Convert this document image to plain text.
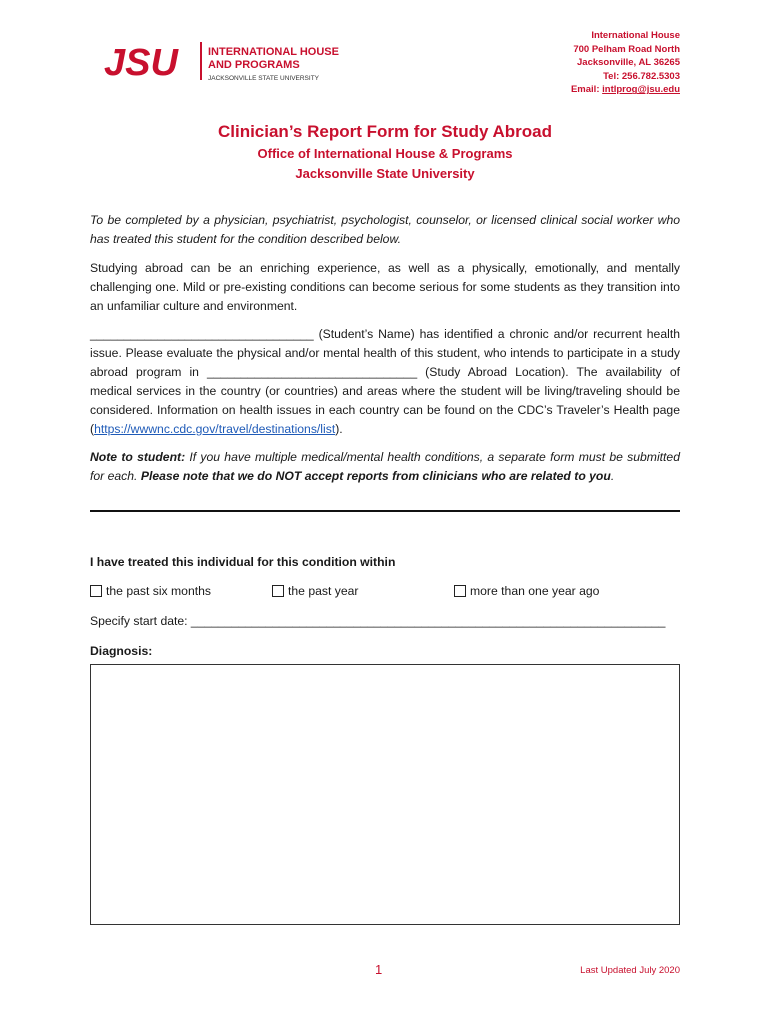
JSU	INTERNATIONAL HOUSE
AND PROGRAMS
JACKSONVILLE STATE UNIVERSITY
International House
700 Pelham Road North
Jacksonville, AL 36265
Tel: 256.782.5303
Email: intlprog@jsu.edu
Clinician’s Report Form for Study Abroad
Office of International House & Programs
Jacksonville State University
To be completed by a physician, psychiatrist, psychologist, counselor, or licensed clinical social worker who has treated this student for the condition described below.
Studying abroad can be an enriching experience, as well as a physically, emotionally, and mentally challenging one. Mild or pre-existing conditions can become serious for some students as they transition into an unfamiliar culture and environment.
_________________________________ (Student’s Name) has identified a chronic and/or recurrent health issue. Please evaluate the physical and/or mental health of this student, who intends to participate in a study abroad program in _______________________________ (Study Abroad Location). The availability of medical services in the country (or countries) and areas where the student will be living/traveling should be considered. Information on health issues in each country can be found on the CDC’s Traveler’s Health page (https://wwwnc.cdc.gov/travel/destinations/list).
Note to student: If you have multiple medical/mental health conditions, a separate form must be submitted for each. Please note that we do NOT accept reports from clinicians who are related to you.
I have treated this individual for this condition within
the past six months	the past year	more than one year ago
Specify start date: ______________________________________________________________________
Diagnosis:
1	Last Updated July 2020
